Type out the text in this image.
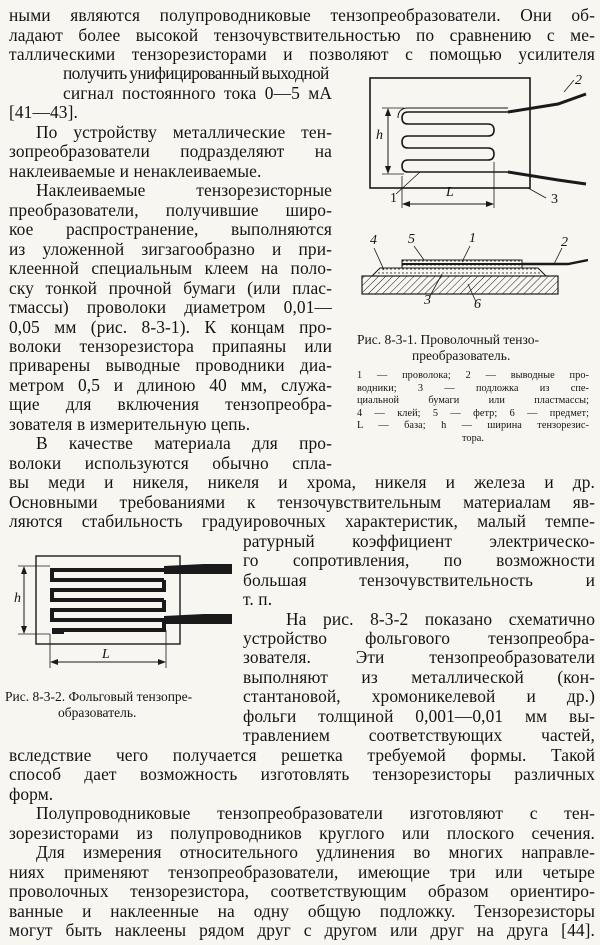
ными являются полупроводниковые тензопреобразователи. Они об-
ладают более высокой тензочувствительностью по сравнению с ме-
таллическими тензорезисторами и позволяют с помощью усилителя
получить унифицированный выходной
сигнал постоянного тока 0—5 мА
[41—43].
По устройству металлические тен-
зопреобразователи подразделяют на
наклеиваемые и ненаклеиваемые.
Наклеиваемые тензорезисторные
преобразователи, получившие широ-
кое распространение, выполняются
из уложенной зигзагообразно и при-
клеенной специальным клеем на поло-
ску тонкой прочной бумаги (или плас-
тмассы) проволоки диаметром 0,01—
0,05 мм (рис. 8-3-1). К концам про-
волоки тензорезистора припаяны или
приварены выводные проводники диа-
метром 0,5 и длиною 40 мм, служа-
щие для включения тензопреобра-
зователя в измерительную цепь.
В качестве материала для про-
волоки используются обычно спла-
вы меди и никеля, никеля и хрома, никеля и железа и др.
Основными требованиями к тензочувствительным материалам яв-
ляются стабильность градуировочных характеристик, малый темпе-
ратурный коэффициент электрическо-
го сопротивления, по возможности
большая тензочувствительность и
т. п.
На рис. 8-3-2 показано схематично
устройство фольгового тензопреобра-
зователя. Эти тензопреобразователи
выполняют из металлической (кон-
стантановой, хромоникелевой и др.)
фольги толщиной 0,001—0,01 мм вы-
травлением соответствующих частей,
вследствие чего получается решетка требуемой формы. Такой
способ дает возможность изготовлять тензорезисторы различных
форм.
Полупроводниковые тензопреобразователи изготовляют с тен-
зорезисторами из полупроводников круглого или плоского сечения.
Для измерения относительного удлинения во многих направле-
ниях применяют тензопреобразователи, имеющие три или четыре
проволочных тензорезистора, соответствующим образом ориентиро-
ванные и наклеенные на одну общую подложку. Тензорезисторы
могут быть наклеены рядом друг с другом или друг на друга [44].
2
h
1	3
L
4 5	1	2
3	6
Рис. 8-3-1. Проволочный тензо-
преобразователь.
1 — проволока; 2 — выводные про-
водники; 3 — подложка из спе-
циальной бумаги или пластмассы;
4 — клей; 5 — фетр; 6 — предмет;
L — база; h — ширина тензорезис-
тора.
h
L
Рис. 8-3-2. Фольговый тензопре-
образователь.
